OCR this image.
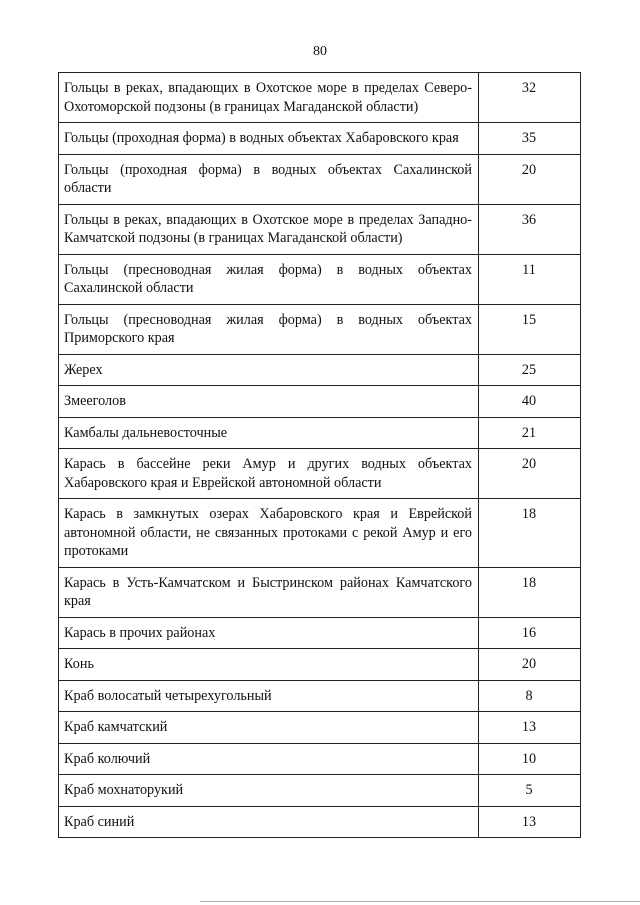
80
Гольцы в реках, впадающих в Охотское море в пределах Северо-Охотоморской подзоны (в границах Магаданской области)	32
Гольцы (проходная форма) в водных объектах Хабаровского края	35
Гольцы (проходная форма) в водных объектах Сахалинской области	20
Гольцы в реках, впадающих в Охотское море в пределах Западно-Камчатской подзоны (в границах Магаданской области)	36
Гольцы (пресноводная жилая форма) в водных объектах Сахалинской области	11
Гольцы (пресноводная жилая форма) в водных объектах Приморского края	15
Жерех	25
Змееголов	40
Камбалы дальневосточные	21
Карась в бассейне реки Амур и других водных объектах Хабаровского края и Еврейской автономной области	20
Карась в замкнутых озерах Хабаровского края и Еврейской автономной области, не связанных протоками с рекой Амур и его протоками	18
Карась в Усть-Камчатском и Быстринском районах Камчатского края	18
Карась в прочих районах	16
Конь	20
Краб волосатый четырехугольный	8
Краб камчатский	13
Краб колючий	10
Краб мохнаторукий	5
Краб синий	13
